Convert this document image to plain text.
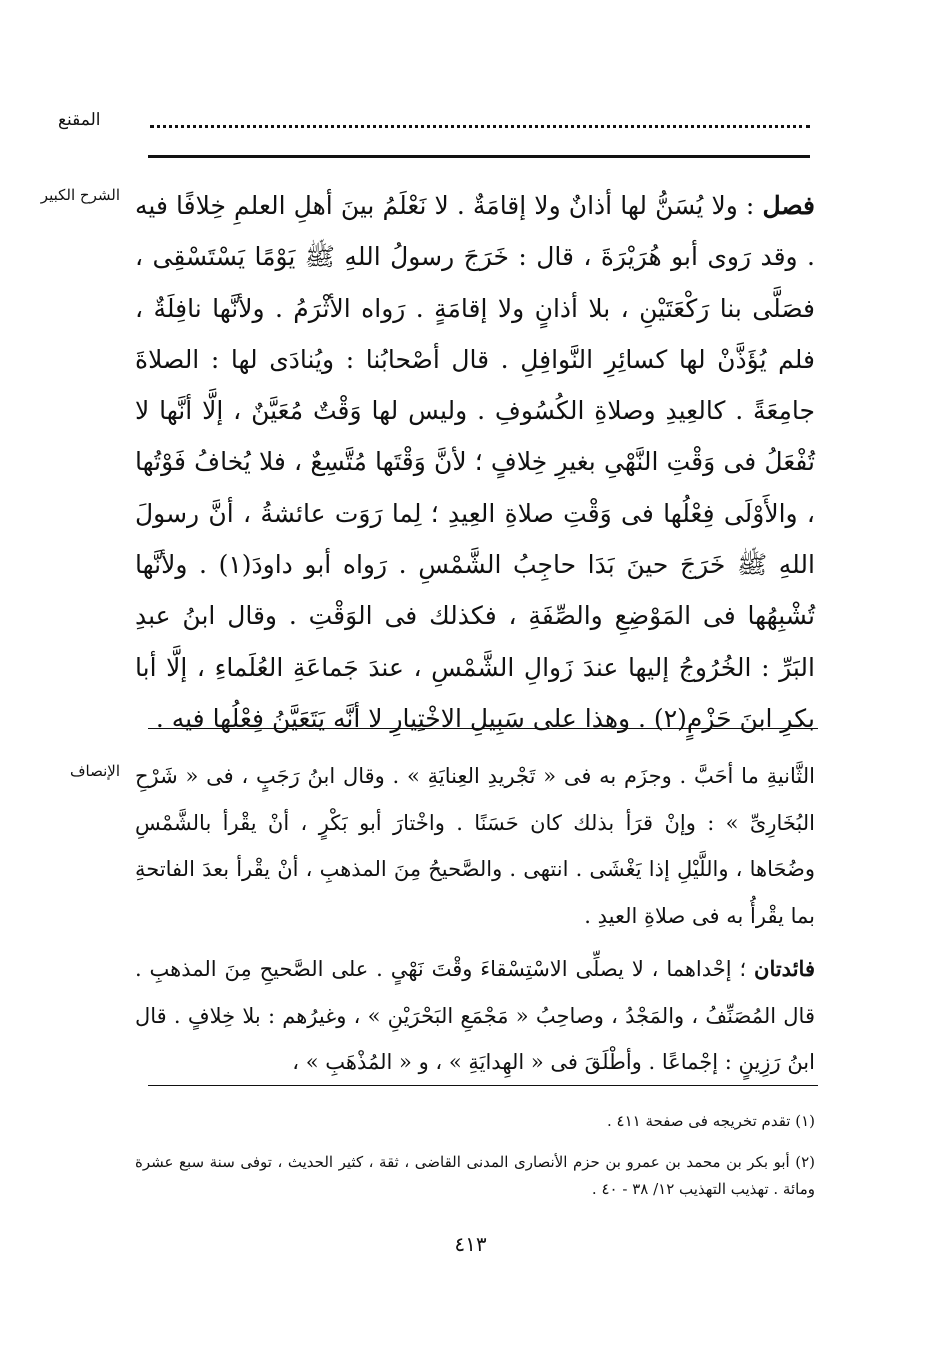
المقنع
الشرح الكبير
الإنصاف

فصل : ولا يُسَنُّ لها أذانٌ ولا إقامَةٌ . لا نَعْلَمُ بينَ أهلِ العلمِ خِلافًا فيه . وقد رَوى أبو هُرَيْرَةَ ، قال : خَرَجَ رسولُ اللهِ ﷺ يَوْمًا يَسْتَسْقِى ، فصَلَّى بنا رَكْعَتَيْنِ ، بلا أذانٍ ولا إقامَةٍ . رَواه الأثْرَمُ . ولأنَّها نافِلَةٌ ، فلم يُؤَذَّنْ لها كسائِرِ النَّوافِلِ . قال أصْحابُنا : ويُنادَى لها : الصلاةَ جامِعَةً . كالعِيدِ وصلاةِ الكُسُوفِ . وليس لها وَقْتٌ مُعَيَّنٌ ، إلَّا أنَّها لا تُفْعَلُ فى وَقْتِ النَّهْىِ بغيرِ خِلافٍ ؛ لأنَّ وَقْتَها مُتَّسِعٌ ، فلا يُخافُ فَوْتُها ، والأَوْلَى فِعْلُها فى وَقْتِ صلاةِ العِيدِ ؛ لِما رَوَت عائشةُ ، أنَّ رسولَ اللهِ ﷺ خَرَجَ حينَ بَدَا حاجِبُ الشَّمْسِ . رَواه أبو داودَ(١) . ولأنَّها تُشْبِهُها فى المَوْضِعِ والصِّفَةِ ، فكذلك فى الوَقْتِ . وقال ابنُ عبدِ البَرِّ : الخُرُوجُ إليها عندَ زَوالِ الشَّمْسِ ، عندَ جَماعَةِ العُلَماءِ ، إلَّا أبا بكرِ ابنَ حَزْمٍ(٢) . وهذا على سَبِيلِ الاخْتِيارِ لا أنَّه يَتَعَيَّنُ فِعْلُها فيه .

الثَّانيةِ ما أحَبَّ . وجزَم به فى « تَجْريدِ العِنايَةِ » . وقال ابنُ رَجَبٍ ، فى « شَرْحِ البُخَارِىِّ » : وإنْ قرَأ بذلك كان حَسَنًا . واخْتارَ أبو بَكْرٍ ، أنْ يقْرأ بالشَّمْسِ وضُحَاها ، واللَّيْلِ إذا يَغْشَى . انتهى . والصَّحيحُ مِنَ المذهبِ ، أنْ يقْرأ بعدَ الفاتحةِ بما يقْرأُ به فى صلاةِ العيدِ .

فائدتان ؛ إحْداهما ، لا يصلِّى الاسْتِسْقاءَ وقْتَ نَهْىٍ . على الصَّحيحِ مِنَ المذهبِ . قال المُصَنِّفُ ، والمَجْدُ ، وصاحِبُ « مَجْمَعِ البَحْرَيْنِ » ، وغيرُهم : بلا خِلافٍ . قال ابنُ رَزِينٍ : إجْماعًا . وأطْلَقَ فى « الهِدايَةِ » ، و « المُذْهَبِ » ،

(١) تقدم تخريجه فى صفحة ٤١١ .

(٢) أبو بكر بن محمد بن عمرو بن حزم الأنصارى المدنى القاضى ، ثقة ، كثير الحديث ، توفى سنة سبع عشرة ومائة . تهذيب التهذيب ١٢/ ٣٨ - ٤٠ .

٤١٣
